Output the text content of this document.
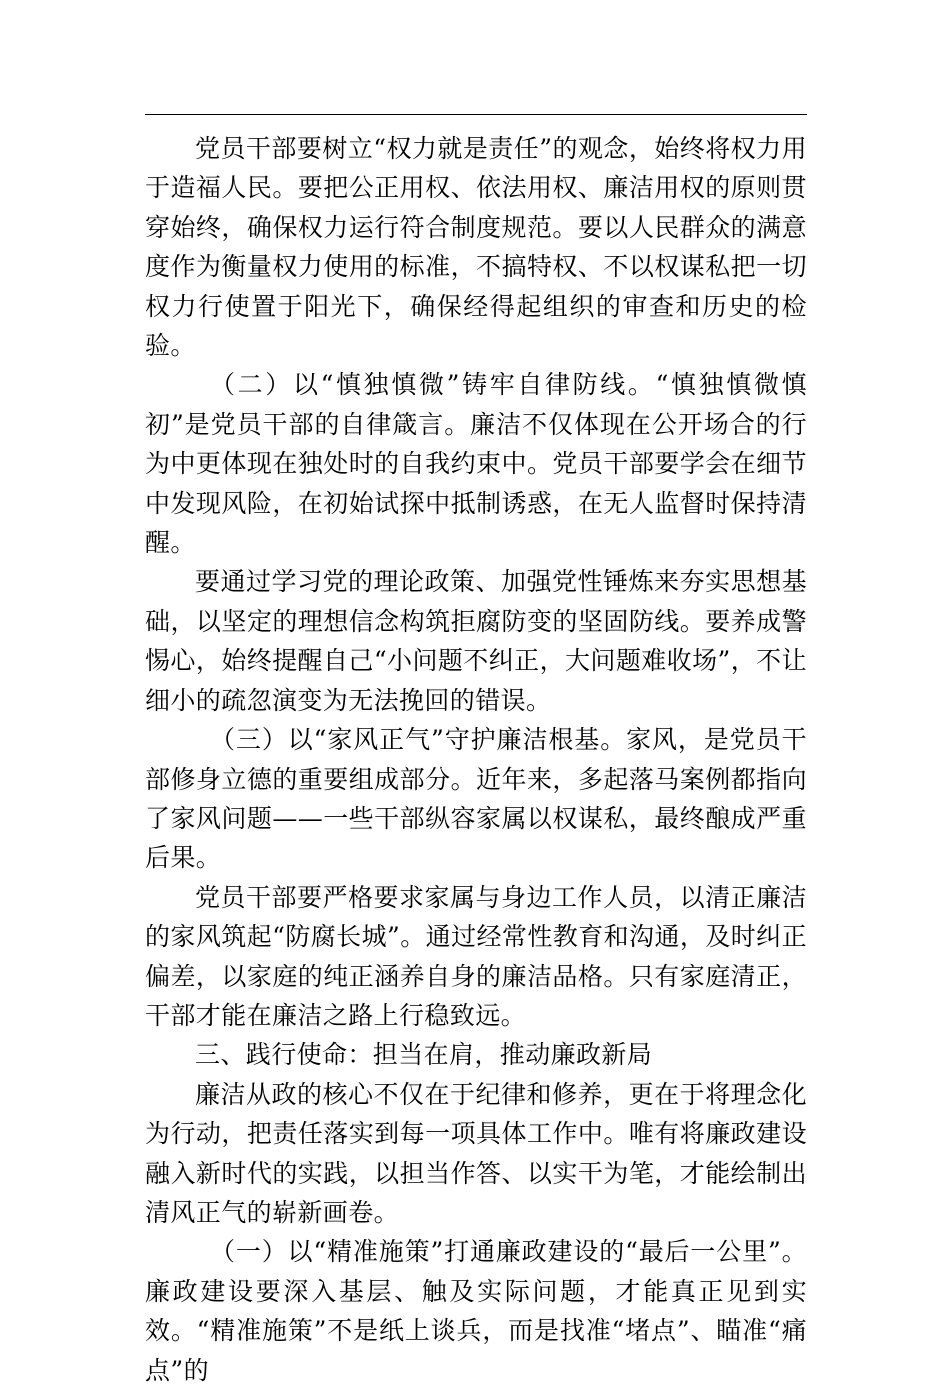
党员干部要树立“权力就是责任”的观念，始终将权力用于造福人民。要把公正用权、依法用权、廉洁用权的原则贯穿始终，确保权力运行符合制度规范。要以人民群众的满意度作为衡量权力使用的标准，不搞特权、不以权谋私把一切权力行使置于阳光下，确保经得起组织的审查和历史的检验。

（二）以“慎独慎微”铸牢自律防线。“慎独慎微慎初”是党员干部的自律箴言。廉洁不仅体现在公开场合的行为中更体现在独处时的自我约束中。党员干部要学会在细节中发现风险，在初始试探中抵制诱惑，在无人监督时保持清醒。

要通过学习党的理论政策、加强党性锤炼来夯实思想基础，以坚定的理想信念构筑拒腐防变的坚固防线。要养成警惕心，始终提醒自己“小问题不纠正，大问题难收场”，不让细小的疏忽演变为无法挽回的错误。

（三）以“家风正气”守护廉洁根基。家风，是党员干部修身立德的重要组成部分。近年来，多起落马案例都指向了家风问题——一些干部纵容家属以权谋私，最终酿成严重后果。

党员干部要严格要求家属与身边工作人员，以清正廉洁的家风筑起“防腐长城”。通过经常性教育和沟通，及时纠正偏差，以家庭的纯正涵养自身的廉洁品格。只有家庭清正，干部才能在廉洁之路上行稳致远。

三、践行使命：担当在肩，推动廉政新局

廉洁从政的核心不仅在于纪律和修养，更在于将理念化为行动，把责任落实到每一项具体工作中。唯有将廉政建设融入新时代的实践，以担当作答、以实干为笔，才能绘制出清风正气的崭新画卷。

（一）以“精准施策”打通廉政建设的“最后一公里”。廉政建设要深入基层、触及实际问题，才能真正见到实效。“精准施策”不是纸上谈兵，而是找准“堵点”、瞄准“痛点”的
